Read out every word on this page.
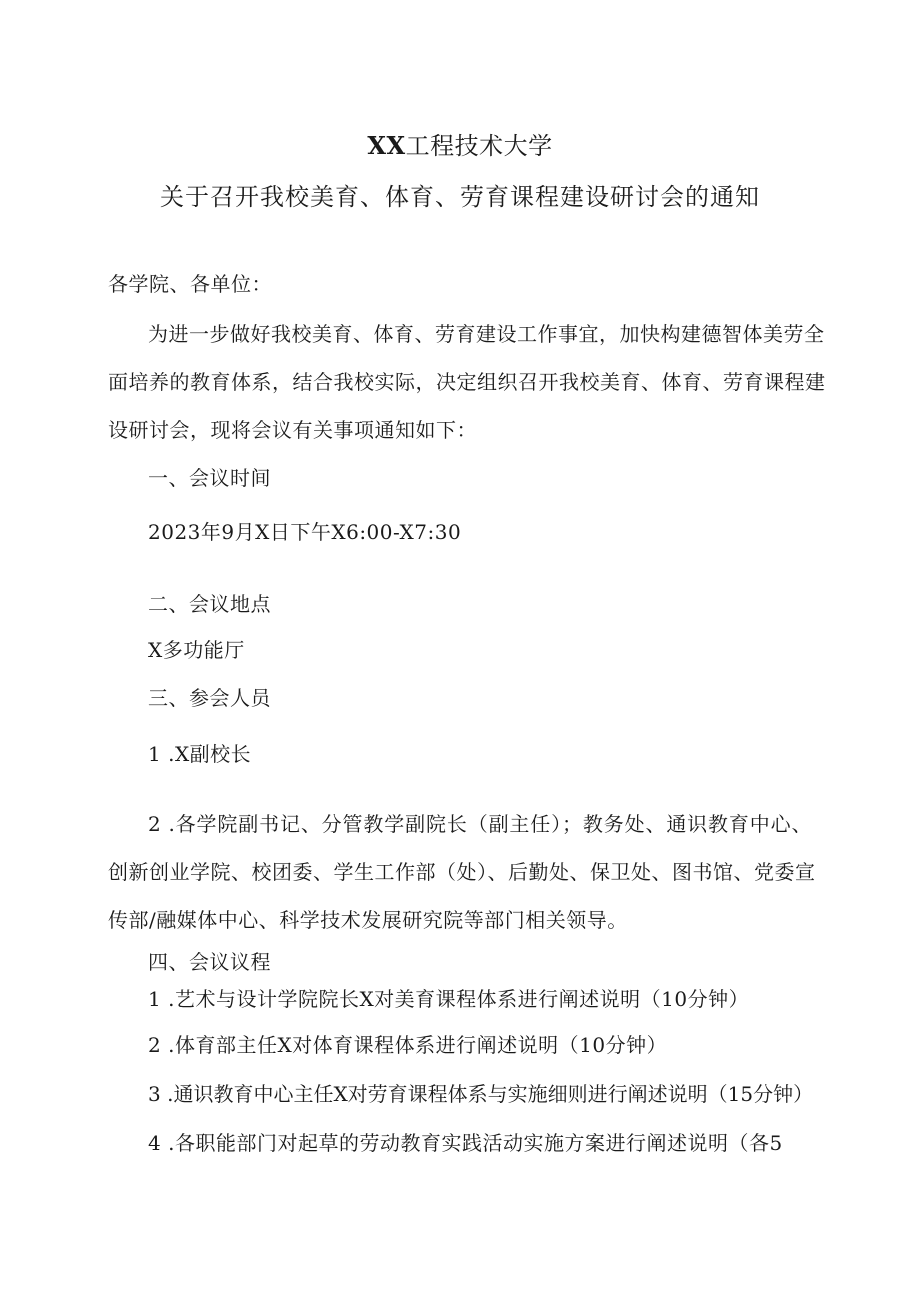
XX工程技术大学
关于召开我校美育、体育、劳育课程建设研讨会的通知
各学院、各单位：
为进一步做好我校美育、体育、劳育建设工作事宜，加快构建德智体美劳全
面培养的教育体系，结合我校实际，决定组织召开我校美育、体育、劳育课程建
设研讨会，现将会议有关事项通知如下：
一、会议时间
2023年9月X日下午X6:00-X7:30
二、会议地点
X多功能厅
三、参会人员
1 .X副校长
2 .各学院副书记、分管教学副院长（副主任）；教务处、通识教育中心、
创新创业学院、校团委、学生工作部（处）、后勤处、保卫处、图书馆、党委宣
传部/融媒体中心、科学技术发展研究院等部门相关领导。
四、会议议程
1 .艺术与设计学院院长X对美育课程体系进行阐述说明（10分钟）
2 .体育部主任X对体育课程体系进行阐述说明（10分钟）
3 .通识教育中心主任X对劳育课程体系与实施细则进行阐述说明（15分钟）
4 .各职能部门对起草的劳动教育实践活动实施方案进行阐述说明（各5
